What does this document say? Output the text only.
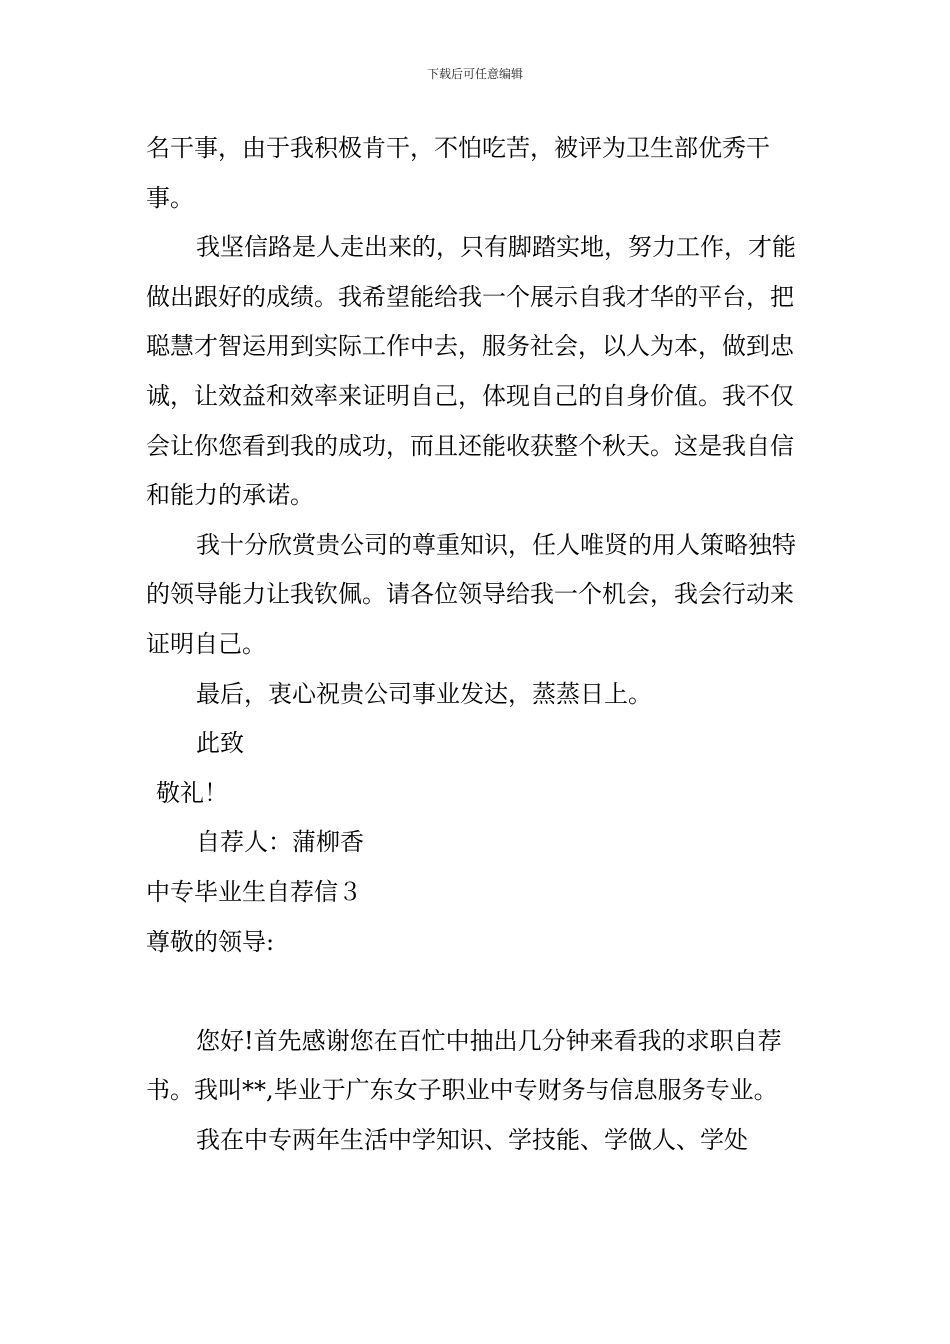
下载后可任意编辑

名干事，由于我积极肯干，不怕吃苦，被评为卫生部优秀干事。

我坚信路是人走出来的，只有脚踏实地，努力工作，才能做出跟好的成绩。我希望能给我一个展示自我才华的平台，把聪慧才智运用到实际工作中去，服务社会，以人为本，做到忠诚，让效益和效率来证明自己，体现自己的自身价值。我不仅会让你您看到我的成功，而且还能收获整个秋天。这是我自信和能力的承诺。

我十分欣赏贵公司的尊重知识，任人唯贤的用人策略独特的领导能力让我钦佩。请各位领导给我一个机会，我会行动来证明自己。

最后，衷心祝贵公司事业发达，蒸蒸日上。

此致

敬礼！

自荐人：蒲柳香

中专毕业生自荐信３

尊敬的领导:

您好!首先感谢您在百忙中抽出几分钟来看我的求职自荐书。我叫**,毕业于广东女子职业中专财务与信息服务专业。

我在中专两年生活中学知识、学技能、学做人、学处
